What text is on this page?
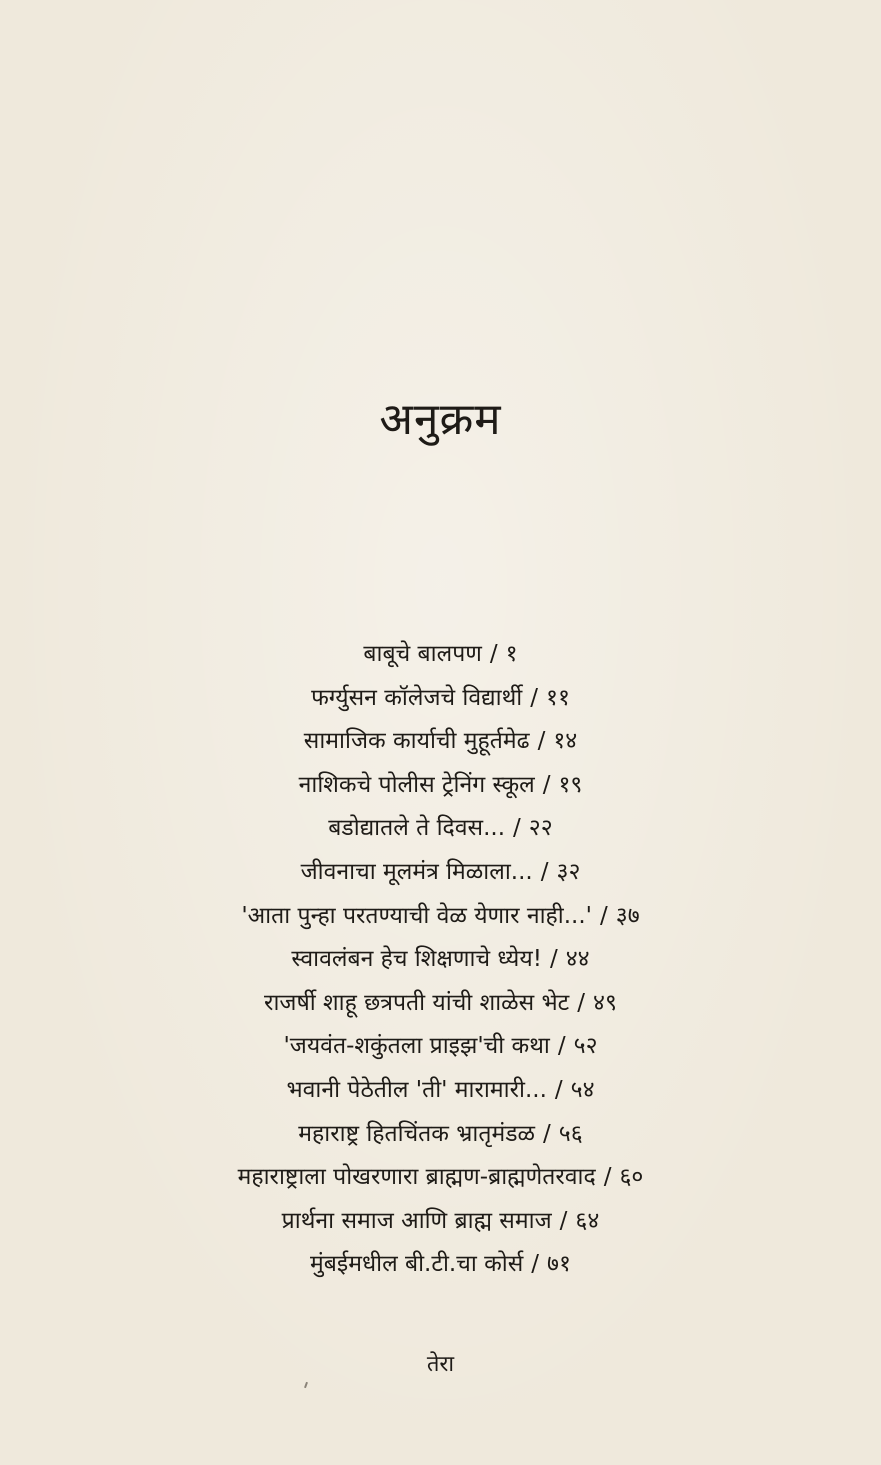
अनुक्रम
बाबूचे बालपण / १
फर्ग्युसन कॉलेजचे विद्यार्थी / ११
सामाजिक कार्याची मुहूर्तमेढ / १४
नाशिकचे पोलीस ट्रेनिंग स्कूल / १९
बडोद्यातले ते दिवस... / २२
जीवनाचा मूलमंत्र मिळाला... / ३२
'आता पुन्हा परतण्याची वेळ येणार नाही...' / ३७
स्वावलंबन हेच शिक्षणाचे ध्येय! / ४४
राजर्षी शाहू छत्रपती यांची शाळेस भेट / ४९
'जयवंत-शकुंतला प्राइझ'ची कथा / ५२
भवानी पेठेतील 'ती' मारामारी... / ५४
महाराष्ट्र हितचिंतक भ्रातृमंडळ / ५६
महाराष्ट्राला पोखरणारा ब्राह्मण-ब्राह्मणेतरवाद / ६०
प्रार्थना समाज आणि ब्राह्म समाज / ६४
मुंबईमधील बी.टी.चा कोर्स / ७१
तेरा
